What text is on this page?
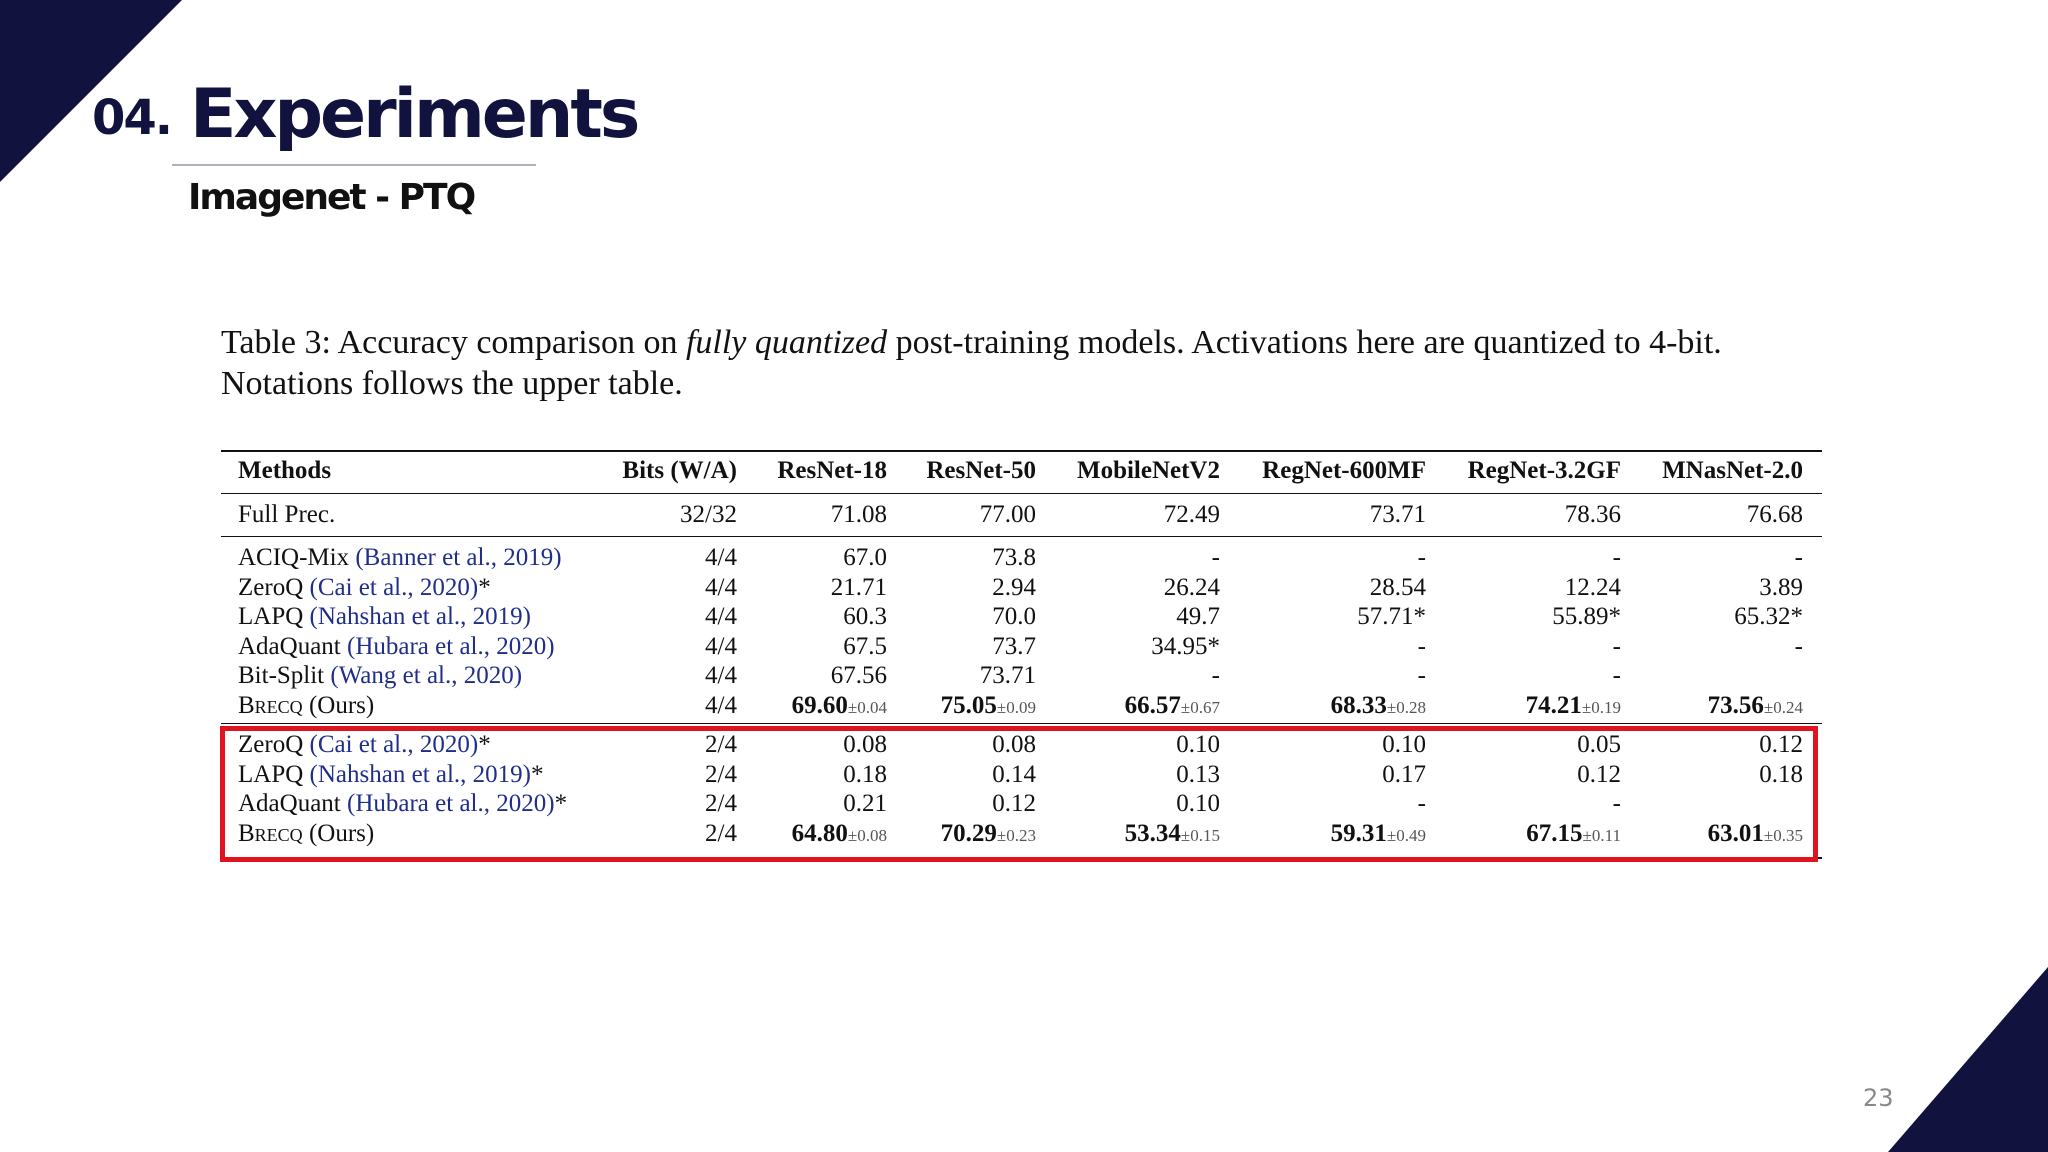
04. Experiments
Imagenet - PTQ
Table 3: Accuracy comparison on fully quantized post-training models. Activations here are quantized to 4-bit.
Notations follows the upper table.
Methods	Bits (W/A) ResNet-18 ResNet-50 MobileNetV2 RegNet-600MF RegNet-3.2GF MNasNet-2.0
Full Prec.	32/32	71.08	77.00	72.49	73.71	78.36	76.68
ACIQ-Mix (Banner et al., 2019)	4/4	67.0	73.8	-	-	-	-
ZeroQ (Cai et al., 2020)*	4/4	21.71	2.94	26.24	28.54	12.24	3.89
LAPQ (Nahshan et al., 2019)	4/4	60.3	70.0	49.7	57.71*	55.89*	65.32*
AdaQuant (Hubara et al., 2020)	4/4	67.5	73.7	34.95*	-	-	-
Bit-Split (Wang et al., 2020)	4/4	67.56	73.71	-	-	-
Brecq (Ours)	4/4 69.60±0.04 75.05±0.09	66.57±0.67	68.33±0.28	74.21±0.19	73.56±0.24
ZeroQ (Cai et al., 2020)*	2/4	0.08	0.08	0.10	0.10	0.05	0.12
LAPQ (Nahshan et al., 2019)*	2/4	0.18	0.14	0.13	0.17	0.12	0.18
AdaQuant (Hubara et al., 2020)*	2/4	0.21	0.12	0.10	-	-
Brecq (Ours)	2/4 64.80±0.08 70.29±0.23	53.34±0.15	59.31±0.49	67.15±0.11	63.01±0.35
23
